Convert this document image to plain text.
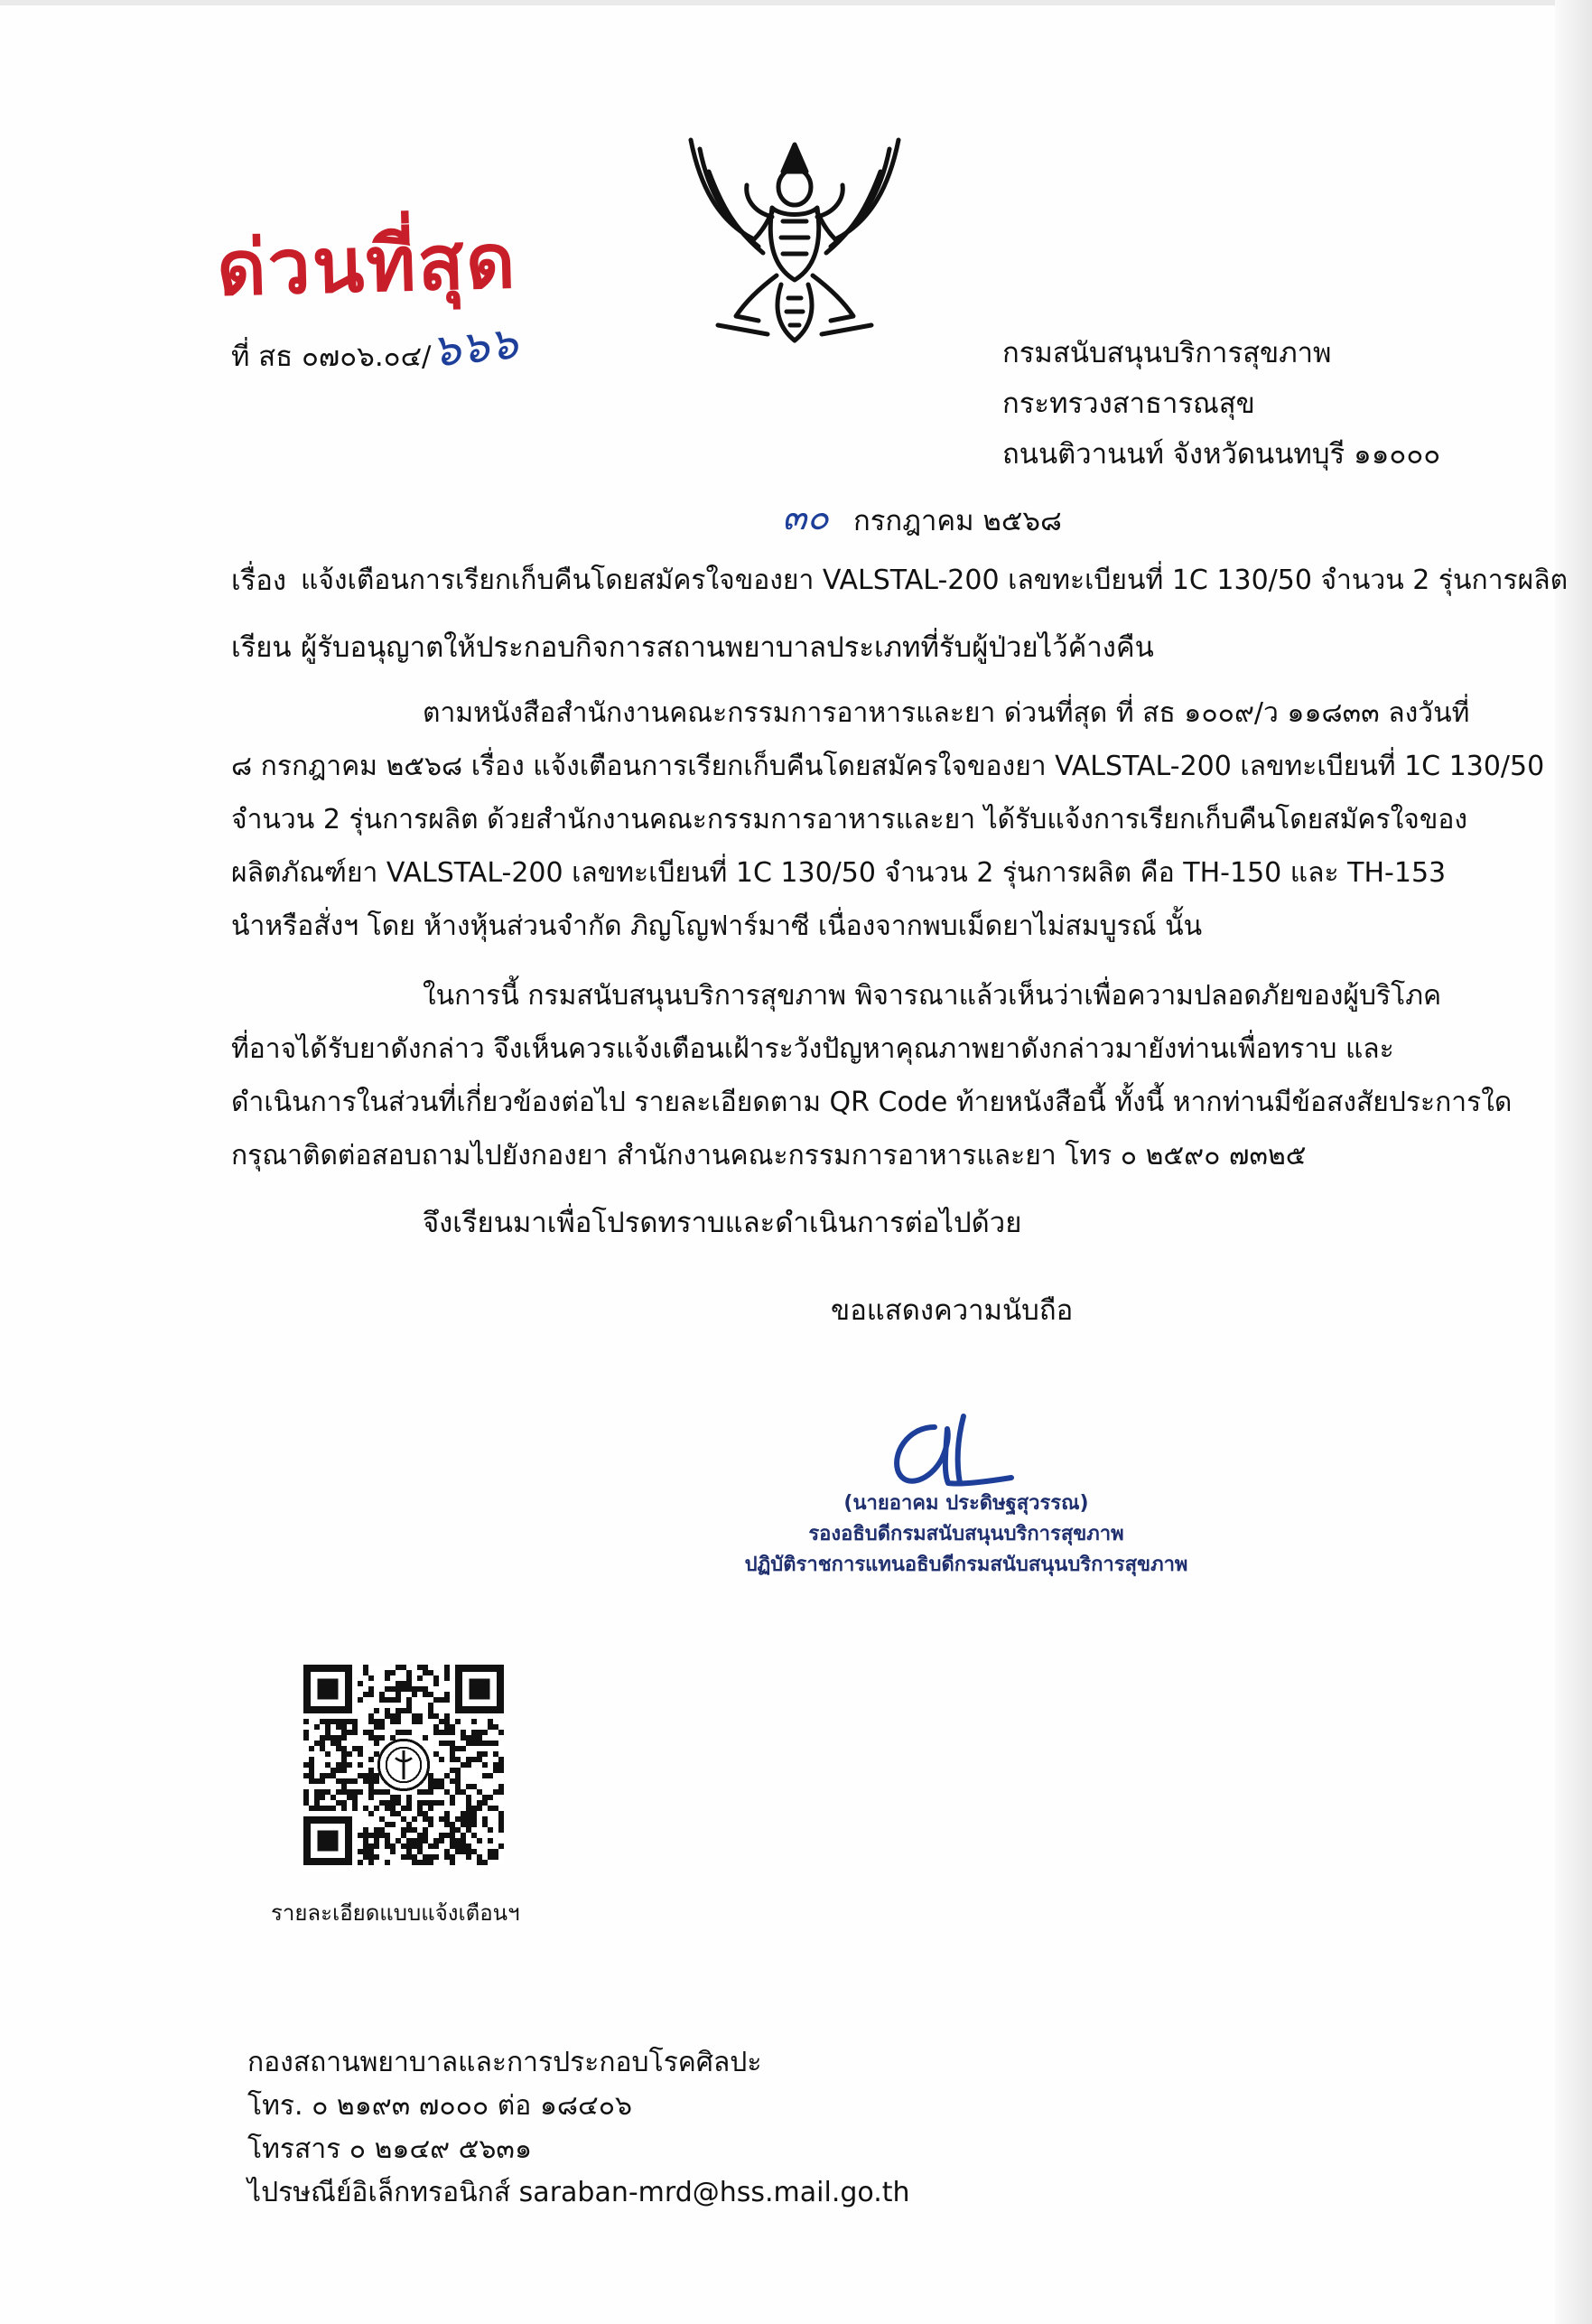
ด่วนที่สุด
ที่ สธ ๐๗๐๖.๐๔/
๖๖๖	กรมสนับสนุนบริการสุขภาพ
กระทรวงสาธารณสุข
ถนนติวานนท์ จังหวัดนนทบุรี ๑๑๐๐๐
๓๐ กรกฎาคม ๒๕๖๘
เรื่อง แจ้งเตือนการเรียกเก็บคืนโดยสมัครใจของยา VALSTAL-200 เลขทะเบียนที่ 1C 130/50 จำนวน 2 รุ่นการผลิต
เรียน ผู้รับอนุญาตให้ประกอบกิจการสถานพยาบาลประเภทที่รับผู้ป่วยไว้ค้างคืน
ตามหนังสือสำนักงานคณะกรรมการอาหารและยา ด่วนที่สุด ที่ สธ ๑๐๐๙/ว ๑๑๘๓๓ ลงวันที่
๘ กรกฎาคม ๒๕๖๘ เรื่อง แจ้งเตือนการเรียกเก็บคืนโดยสมัครใจของยา VALSTAL-200 เลขทะเบียนที่ 1C 130/50
จำนวน 2 รุ่นการผลิต ด้วยสำนักงานคณะกรรมการอาหารและยา ได้รับแจ้งการเรียกเก็บคืนโดยสมัครใจของ
ผลิตภัณฑ์ยา VALSTAL-200 เลขทะเบียนที่ 1C 130/50 จำนวน 2 รุ่นการผลิต คือ TH-150 และ TH-153
นำหรือสั่งฯ โดย ห้างหุ้นส่วนจำกัด ภิญโญฟาร์มาซี เนื่องจากพบเม็ดยาไม่สมบูรณ์ นั้น
ในการนี้ กรมสนับสนุนบริการสุขภาพ พิจารณาแล้วเห็นว่าเพื่อความปลอดภัยของผู้บริโภค
ที่อาจได้รับยาดังกล่าว จึงเห็นควรแจ้งเตือนเฝ้าระวังปัญหาคุณภาพยาดังกล่าวมายังท่านเพื่อทราบ และ
ดำเนินการในส่วนที่เกี่ยวข้องต่อไป รายละเอียดตาม QR Code ท้ายหนังสือนี้ ทั้งนี้ หากท่านมีข้อสงสัยประการใด
กรุณาติดต่อสอบถามไปยังกองยา สำนักงานคณะกรรมการอาหารและยา โทร ๐ ๒๕๙๐ ๗๓๒๕
จึงเรียนมาเพื่อโปรดทราบและดำเนินการต่อไปด้วย
ขอแสดงความนับถือ
(นายอาคม ประดิษฐสุวรรณ)
รองอธิบดีกรมสนับสนุนบริการสุขภาพ
ปฏิบัติราชการแทนอธิบดีกรมสนับสนุนบริการสุขภาพ
รายละเอียดแบบแจ้งเตือนฯ
กองสถานพยาบาลและการประกอบโรคศิลปะ
โทร. ๐ ๒๑๙๓ ๗๐๐๐ ต่อ ๑๘๔๐๖
โทรสาร ๐ ๒๑๔๙ ๕๖๓๑
ไปรษณีย์อิเล็กทรอนิกส์ saraban-mrd@hss.mail.go.th
